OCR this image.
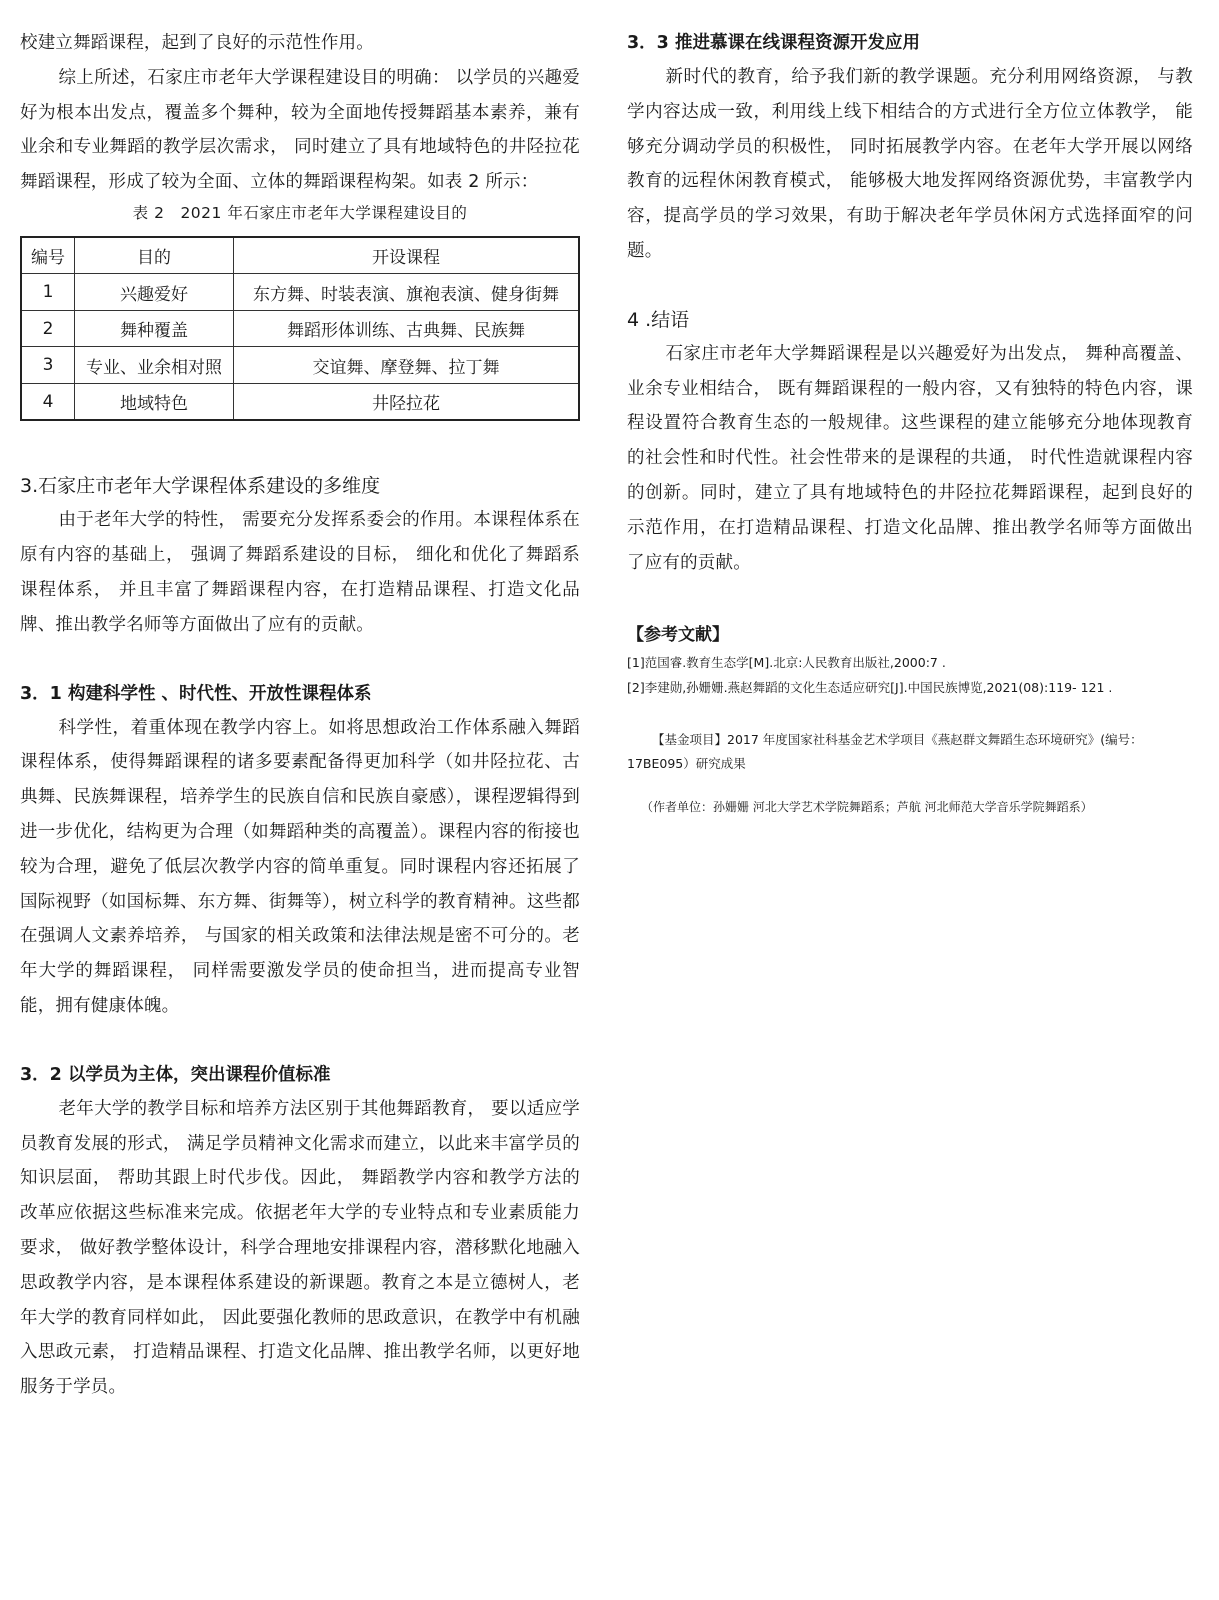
校建立舞蹈课程，起到了良好的示范性作用。

综上所述，石家庄市老年大学课程建设目的明确： 以学员的兴趣爱好为根本出发点，覆盖多个舞种，较为全面地传授舞蹈基本素养，兼有业余和专业舞蹈的教学层次需求， 同时建立了具有地域特色的井陉拉花舞蹈课程，形成了较为全面、立体的舞蹈课程构架。如表 2 所示：

表 2　2021 年石家庄市老年大学课程建设目的

编号	目的	开设课程
1	兴趣爱好	东方舞、时装表演、旗袍表演、健身街舞
2	舞种覆盖	舞蹈形体训练、古典舞、民族舞
3	专业、业余相对照	交谊舞、摩登舞、拉丁舞
4	地域特色	井陉拉花
3.石家庄市老年大学课程体系建设的多维度

由于老年大学的特性， 需要充分发挥系委会的作用。本课程体系在原有内容的基础上， 强调了舞蹈系建设的目标， 细化和优化了舞蹈系课程体系， 并且丰富了舞蹈课程内容，在打造精品课程、打造文化品牌、推出教学名师等方面做出了应有的贡献。

3．1 构建科学性 、时代性、开放性课程体系

科学性，着重体现在教学内容上。如将思想政治工作体系融入舞蹈课程体系，使得舞蹈课程的诸多要素配备得更加科学（如井陉拉花、古典舞、民族舞课程，培养学生的民族自信和民族自豪感），课程逻辑得到进一步优化，结构更为合理（如舞蹈种类的高覆盖）。课程内容的衔接也较为合理，避免了低层次教学内容的简单重复。同时课程内容还拓展了国际视野（如国标舞、东方舞、街舞等），树立科学的教育精神。这些都在强调人文素养培养， 与国家的相关政策和法律法规是密不可分的。老年大学的舞蹈课程， 同样需要激发学员的使命担当，进而提高专业智能，拥有健康体魄。

3．2 以学员为主体，突出课程价值标准

老年大学的教学目标和培养方法区别于其他舞蹈教育， 要以适应学员教育发展的形式， 满足学员精神文化需求而建立，以此来丰富学员的知识层面， 帮助其跟上时代步伐。因此， 舞蹈教学内容和教学方法的改革应依据这些标准来完成。依据老年大学的专业特点和专业素质能力要求， 做好教学整体设计，科学合理地安排课程内容，潜移默化地融入思政教学内容，是本课程体系建设的新课题。教育之本是立德树人，老年大学的教育同样如此， 因此要强化教师的思政意识，在教学中有机融入思政元素， 打造精品课程、打造文化品牌、推出教学名师，以更好地服务于学员。

3．3 推进慕课在线课程资源开发应用

新时代的教育，给予我们新的教学课题。充分利用网络资源， 与教学内容达成一致，利用线上线下相结合的方式进行全方位立体教学， 能够充分调动学员的积极性， 同时拓展教学内容。在老年大学开展以网络教育的远程休闲教育模式， 能够极大地发挥网络资源优势，丰富教学内容，提高学员的学习效果，有助于解决老年学员休闲方式选择面窄的问题。

4 .结语

石家庄市老年大学舞蹈课程是以兴趣爱好为出发点， 舞种高覆盖、业余专业相结合， 既有舞蹈课程的一般内容，又有独特的特色内容，课程设置符合教育生态的一般规律。这些课程的建立能够充分地体现教育的社会性和时代性。社会性带来的是课程的共通， 时代性造就课程内容的创新。同时，建立了具有地域特色的井陉拉花舞蹈课程，起到良好的示范作用，在打造精品课程、打造文化品牌、推出教学名师等方面做出了应有的贡献。

【参考文献】

[1]范国睿.教育生态学[M].北京:人民教育出版社,2000:7 .

[2]李建勋,孙姗姗.燕赵舞蹈的文化生态适应研究[J].中国民族博览,2021(08):119- 121 .

【基金项目】2017 年度国家社科基金艺术学项目《燕赵群文舞蹈生态环境研究》(编号：17BE095）研究成果

（作者单位：孙姗姗 河北大学艺术学院舞蹈系；芦航 河北师范大学音乐学院舞蹈系）
